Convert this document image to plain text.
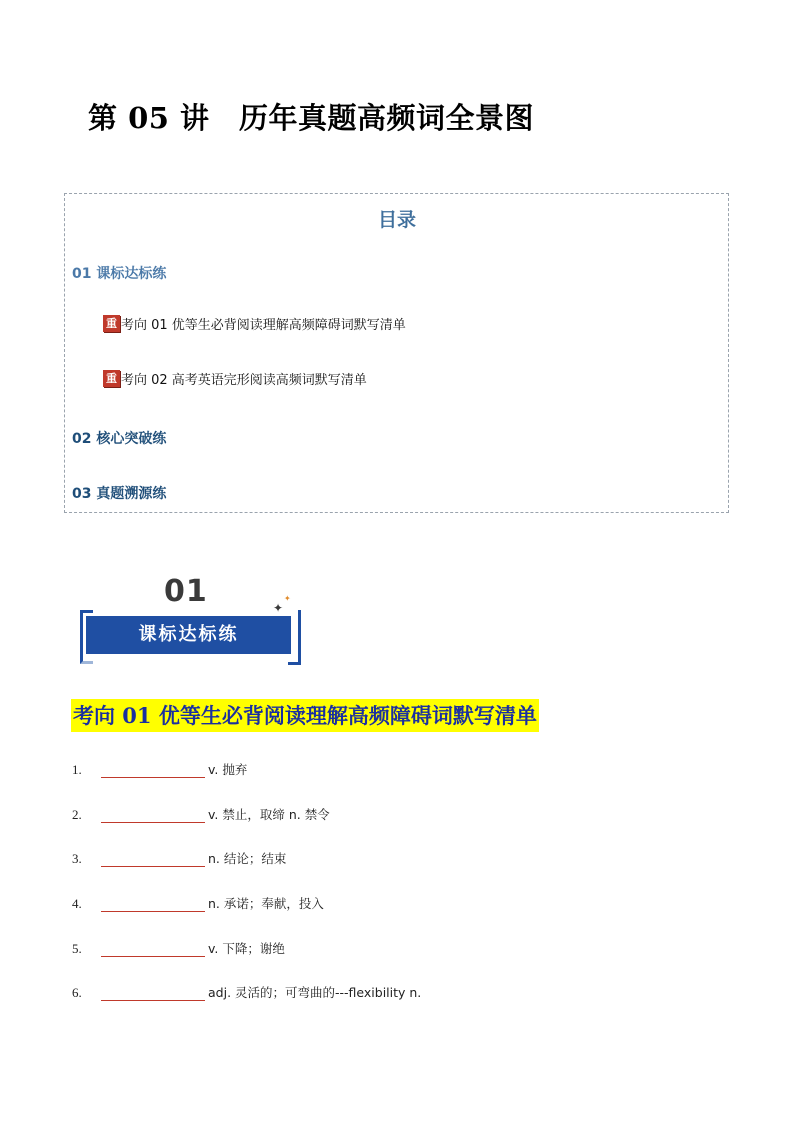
第 05 讲　历年真题高频词全景图
目录
01 课标达标练
重 考向 01 优等生必背阅读理解高频障碍词默写清单
重 考向 02 高考英语完形阅读高频词默写清单
02 核心突破练
03 真题溯源练
01	✦
✦
课标达标练
考向 01 优等生必背阅读理解高频障碍词默写清单
1.	v. 抛弃
2.	v. 禁止，取缔 n. 禁令
3.	n. 结论；结束
4.	n. 承诺；奉献，投入
5.	v. 下降；谢绝
6.	adj. 灵活的；可弯曲的---flexibility n.
